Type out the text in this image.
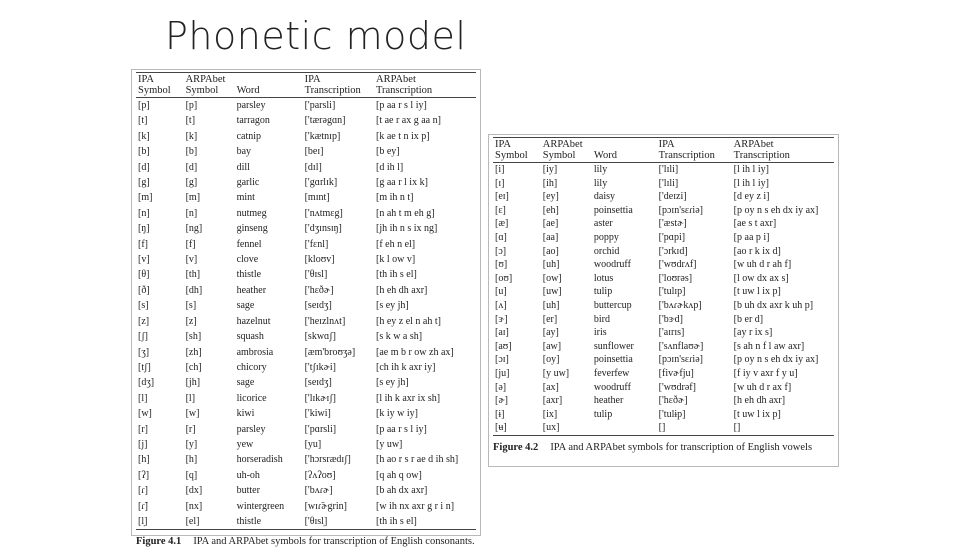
Phonetic model
IPA	ARPAbet		IPA	ARPAbet
Symbol	Symbol	Word	Transcription	Transcription
[p]	[p]	parsley	['parsli]	[p aa r s l iy]
[t]	[t]	tarragon	['tærəgɑn]	[t ae r ax g aa n]
[k]	[k]	catnip	['kætnɪp]	[k ae t n ix p]
[b]	[b]	bay	[beɪ]	[b ey]
[d]	[d]	dill	[dɪl]	[d ih l]
[g]	[g]	garlic	['gɑrlɪk]	[g aa r l ix k]
[m]	[m]	mint	[mɪnt]	[m ih n t]
[n]	[n]	nutmeg	['nʌtmɛg]	[n ah t m eh g]
[ŋ]	[ng]	ginseng	['dʒɪnsɪŋ]	[jh ih n s ix ng]
[f]	[f]	fennel	['fɛnl]	[f eh n el]
[v]	[v]	clove	[kloʊv]	[k l ow v]
[θ]	[th]	thistle	['θɪsl]	[th ih s el]
[ð]	[dh]	heather	['hɛðɚ]	[h eh dh axr]
[s]	[s]	sage	[seɪdʒ]	[s ey jh]
[z]	[z]	hazelnut	['heɪzlnʌt]	[h ey z el n ah t]
[ʃ]	[sh]	squash	[skwɑʃ]	[s k w a sh]
[ʒ]	[zh]	ambrosia	[æm'broʊʒə]	[ae m b r ow zh ax]
[tʃ]	[ch]	chicory	['tʃɪkɚi]	[ch ih k axr iy]
[dʒ]	[jh]	sage	[seɪdʒ]	[s ey jh]
[l]	[l]	licorice	['lɪkɚɪʃ]	[l ih k axr ix sh]
[w]	[w]	kiwi	['kiwi]	[k iy w iy]
[r]	[r]	parsley	['pɑrsli]	[p aa r s l iy]
[j]	[y]	yew	[yu]	[y uw]
[h]	[h]	horseradish	['hɔrsrædɪʃ]	[h ao r s r ae d ih sh]
[ʔ]	[q]	uh-oh	[ʔʌʔoʊ]	[q ah q ow]
[ɾ]	[dx]	butter	['bʌɾɚ]	[b ah dx axr]
[ɾ̃]	[nx]	wintergreen	[wɪɾ̃ɚgrin]	[w ih nx axr g r i n]
[l̩]	[el]	thistle	['θɪsl̩]	[th ih s el]
Figure 4.1 IPA and ARPAbet symbols for transcription of English consonants.
IPA	ARPAbet		IPA	ARPAbet
Symbol	Symbol	Word	Transcription	Transcription
[i]	[iy]	lily	['lɪli]	[l ih l iy]
[ɪ]	[ih]	lily	['lɪli]	[l ih l iy]
[eɪ]	[ey]	daisy	['deɪzi]	[d ey z i]
[ɛ]	[eh]	poinsettia	[pɔɪn'sɛɾiə]	[p oy n s eh dx iy ax]
[æ]	[ae]	aster	['æstɚ]	[ae s t axr]
[ɑ]	[aa]	poppy	['pɑpi]	[p aa p i]
[ɔ]	[ao]	orchid	['ɔrkɪd]	[ao r k ix d]
[ʊ]	[uh]	woodruff	['wʊdrʌf]	[w uh d r ah f]
[oʊ]	[ow]	lotus	['loʊrəs]	[l ow dx ax s]
[u]	[uw]	tulip	['tulɪp]	[t uw l ix p]
[ʌ]	[uh]	buttercup	['bʌɾɚkʌp]	[b uh dx axr k uh p]
[ɝ]	[er]	bird	['bɝd]	[b er d]
[aɪ]	[ay]	iris	['aɪrɪs]	[ay r ix s]
[aʊ]	[aw]	sunflower	['sʌnflaʊɚ]	[s ah n f l aw axr]
[ɔɪ]	[oy]	poinsettia	[pɔɪn'sɛɾiə]	[p oy n s eh dx iy ax]
[ju]	[y uw]	feverfew	[fivɚfju]	[f iy v axr f y u]
[ə]	[ax]	woodruff	['wʊdrəf]	[w uh d r ax f]
[ɚ]	[axr]	heather	['hɛðɚ]	[h eh dh axr]
[ɨ]	[ix]	tulip	['tulɨp]	[t uw l ix p]
[ʉ]	[ux]		[]	[]
Figure 4.2 IPA and ARPAbet symbols for transcription of English vowels
